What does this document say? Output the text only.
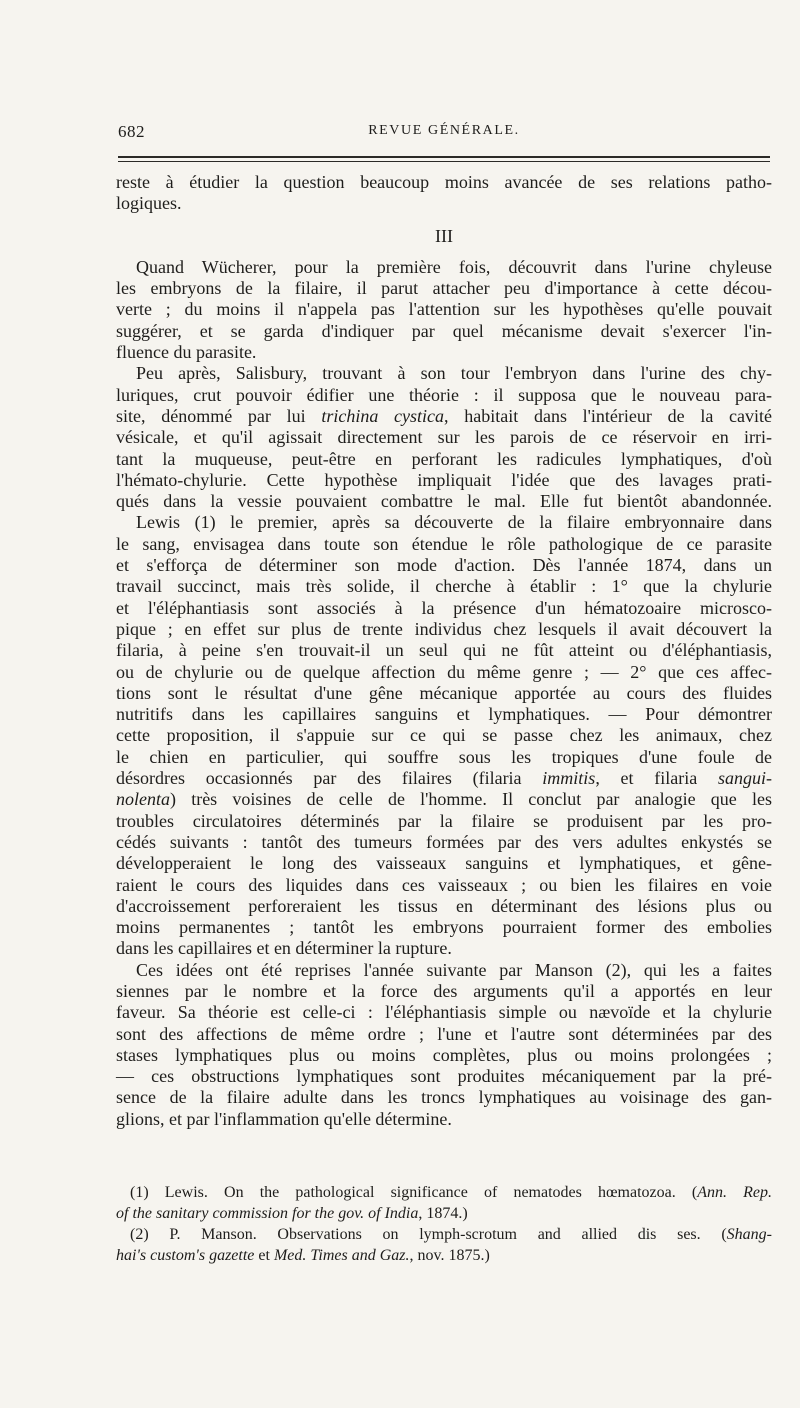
682	REVUE GÉNÉRALE.
reste à étudier la question beaucoup moins avancée de ses relations patho-
logiques.
III
Quand Wücherer, pour la première fois, découvrit dans l'urine chyleuse
les embryons de la filaire, il parut attacher peu d'importance à cette décou-
verte ; du moins il n'appela pas l'attention sur les hypothèses qu'elle pouvait
suggérer, et se garda d'indiquer par quel mécanisme devait s'exercer l'in-
fluence du parasite.
Peu après, Salisbury, trouvant à son tour l'embryon dans l'urine des chy-
luriques, crut pouvoir édifier une théorie : il supposa que le nouveau para-
site, dénommé par lui trichina cystica, habitait dans l'intérieur de la cavité
vésicale, et qu'il agissait directement sur les parois de ce réservoir en irri-
tant la muqueuse, peut-être en perforant les radicules lymphatiques, d'où
l'hémato-chylurie. Cette hypothèse impliquait l'idée que des lavages prati-
qués dans la vessie pouvaient combattre le mal. Elle fut bientôt abandonnée.
Lewis (1) le premier, après sa découverte de la filaire embryonnaire dans
le sang, envisagea dans toute son étendue le rôle pathologique de ce parasite
et s'efforça de déterminer son mode d'action. Dès l'année 1874, dans un
travail succinct, mais très solide, il cherche à établir : 1° que la chylurie
et l'éléphantiasis sont associés à la présence d'un hématozoaire microsco-
pique ; en effet sur plus de trente individus chez lesquels il avait découvert la
filaria, à peine s'en trouvait-il un seul qui ne fût atteint ou d'éléphantiasis,
ou de chylurie ou de quelque affection du même genre ; — 2° que ces affec-
tions sont le résultat d'une gêne mécanique apportée au cours des fluides
nutritifs dans les capillaires sanguins et lymphatiques. — Pour démontrer
cette proposition, il s'appuie sur ce qui se passe chez les animaux, chez
le chien en particulier, qui souffre sous les tropiques d'une foule de
désordres occasionnés par des filaires (filaria immitis, et filaria sangui-
nolenta) très voisines de celle de l'homme. Il conclut par analogie que les
troubles circulatoires déterminés par la filaire se produisent par les pro-
cédés suivants : tantôt des tumeurs formées par des vers adultes enkystés se
développeraient le long des vaisseaux sanguins et lymphatiques, et gêne-
raient le cours des liquides dans ces vaisseaux ; ou bien les filaires en voie
d'accroissement perforeraient les tissus en déterminant des lésions plus ou
moins permanentes ; tantôt les embryons pourraient former des embolies
dans les capillaires et en déterminer la rupture.
Ces idées ont été reprises l'année suivante par Manson (2), qui les a faites
siennes par le nombre et la force des arguments qu'il a apportés en leur
faveur. Sa théorie est celle-ci : l'éléphantiasis simple ou nævoïde et la chylurie
sont des affections de même ordre ; l'une et l'autre sont déterminées par des
stases lymphatiques plus ou moins complètes, plus ou moins prolongées ;
— ces obstructions lymphatiques sont produites mécaniquement par la pré-
sence de la filaire adulte dans les troncs lymphatiques au voisinage des gan-
glions, et par l'inflammation qu'elle détermine.
(1) Lewis. On the pathological significance of nematodes hœmatozoa. (Ann. Rep.
of the sanitary commission for the gov. of India, 1874.)
(2) P. Manson. Observations on lymph-scrotum and allied dis ses. (Shang-
hai's custom's gazette et Med. Times and Gaz., nov. 1875.)
